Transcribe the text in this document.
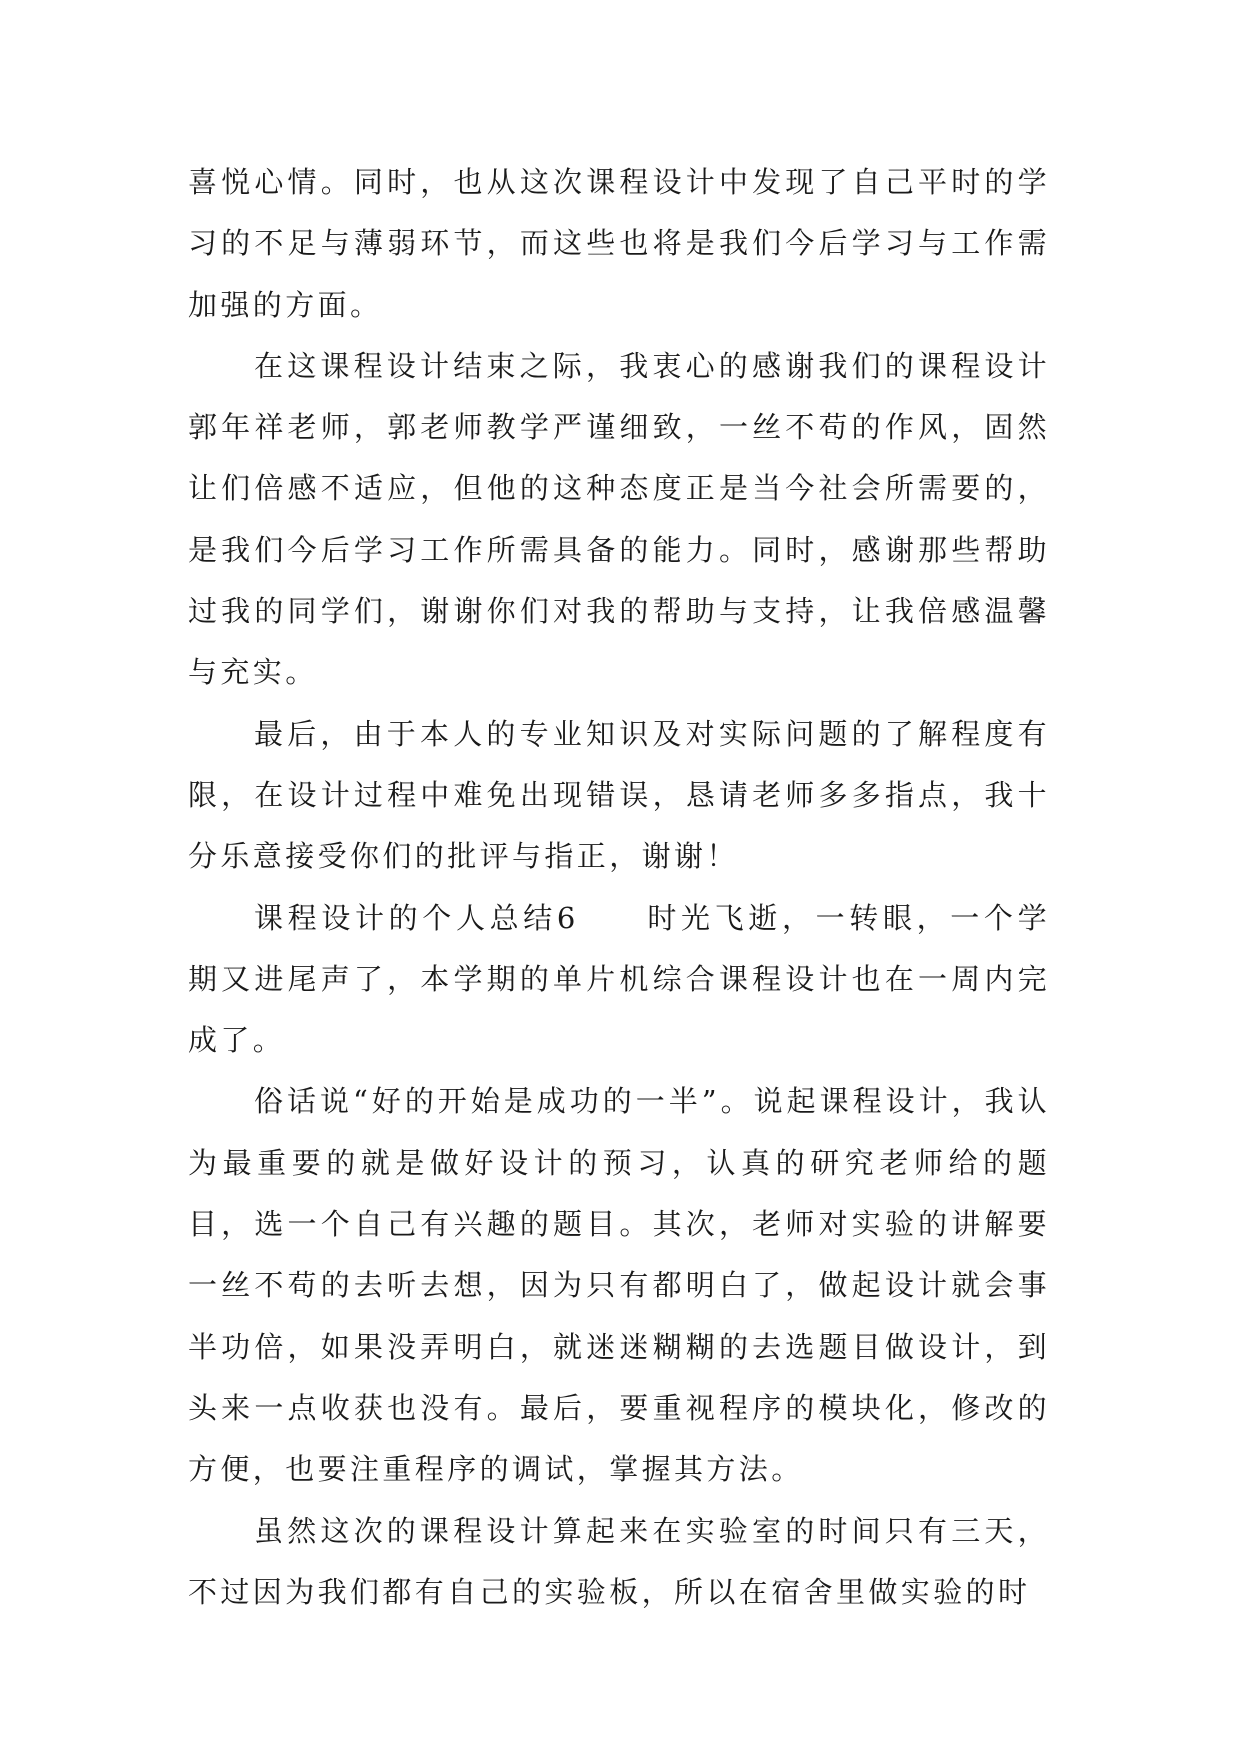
喜悦心情。同时，也从这次课程设计中发现了自己平时的学习的不足与薄弱环节，而这些也将是我们今后学习与工作需加强的方面。

在这课程设计结束之际，我衷心的感谢我们的课程设计郭年祥老师，郭老师教学严谨细致，一丝不苟的作风，固然让们倍感不适应，但他的这种态度正是当今社会所需要的，是我们今后学习工作所需具备的能力。同时，感谢那些帮助过我的同学们，谢谢你们对我的帮助与支持，让我倍感温馨与充实。

最后，由于本人的专业知识及对实际问题的了解程度有限，在设计过程中难免出现错误，恳请老师多多指点，我十分乐意接受你们的批评与指正，谢谢！

课程设计的个人总结6　　时光飞逝，一转眼，一个学期又进尾声了，本学期的单片机综合课程设计也在一周内完成了。

俗话说“好的开始是成功的一半”。说起课程设计，我认为最重要的就是做好设计的预习，认真的研究老师给的题目，选一个自己有兴趣的题目。其次，老师对实验的讲解要一丝不苟的去听去想，因为只有都明白了，做起设计就会事半功倍，如果没弄明白，就迷迷糊糊的去选题目做设计，到头来一点收获也没有。最后，要重视程序的模块化，修改的方便，也要注重程序的调试，掌握其方法。

虽然这次的课程设计算起来在实验室的时间只有三天，不过因为我们都有自己的实验板，所以在宿舍里做实验的时
